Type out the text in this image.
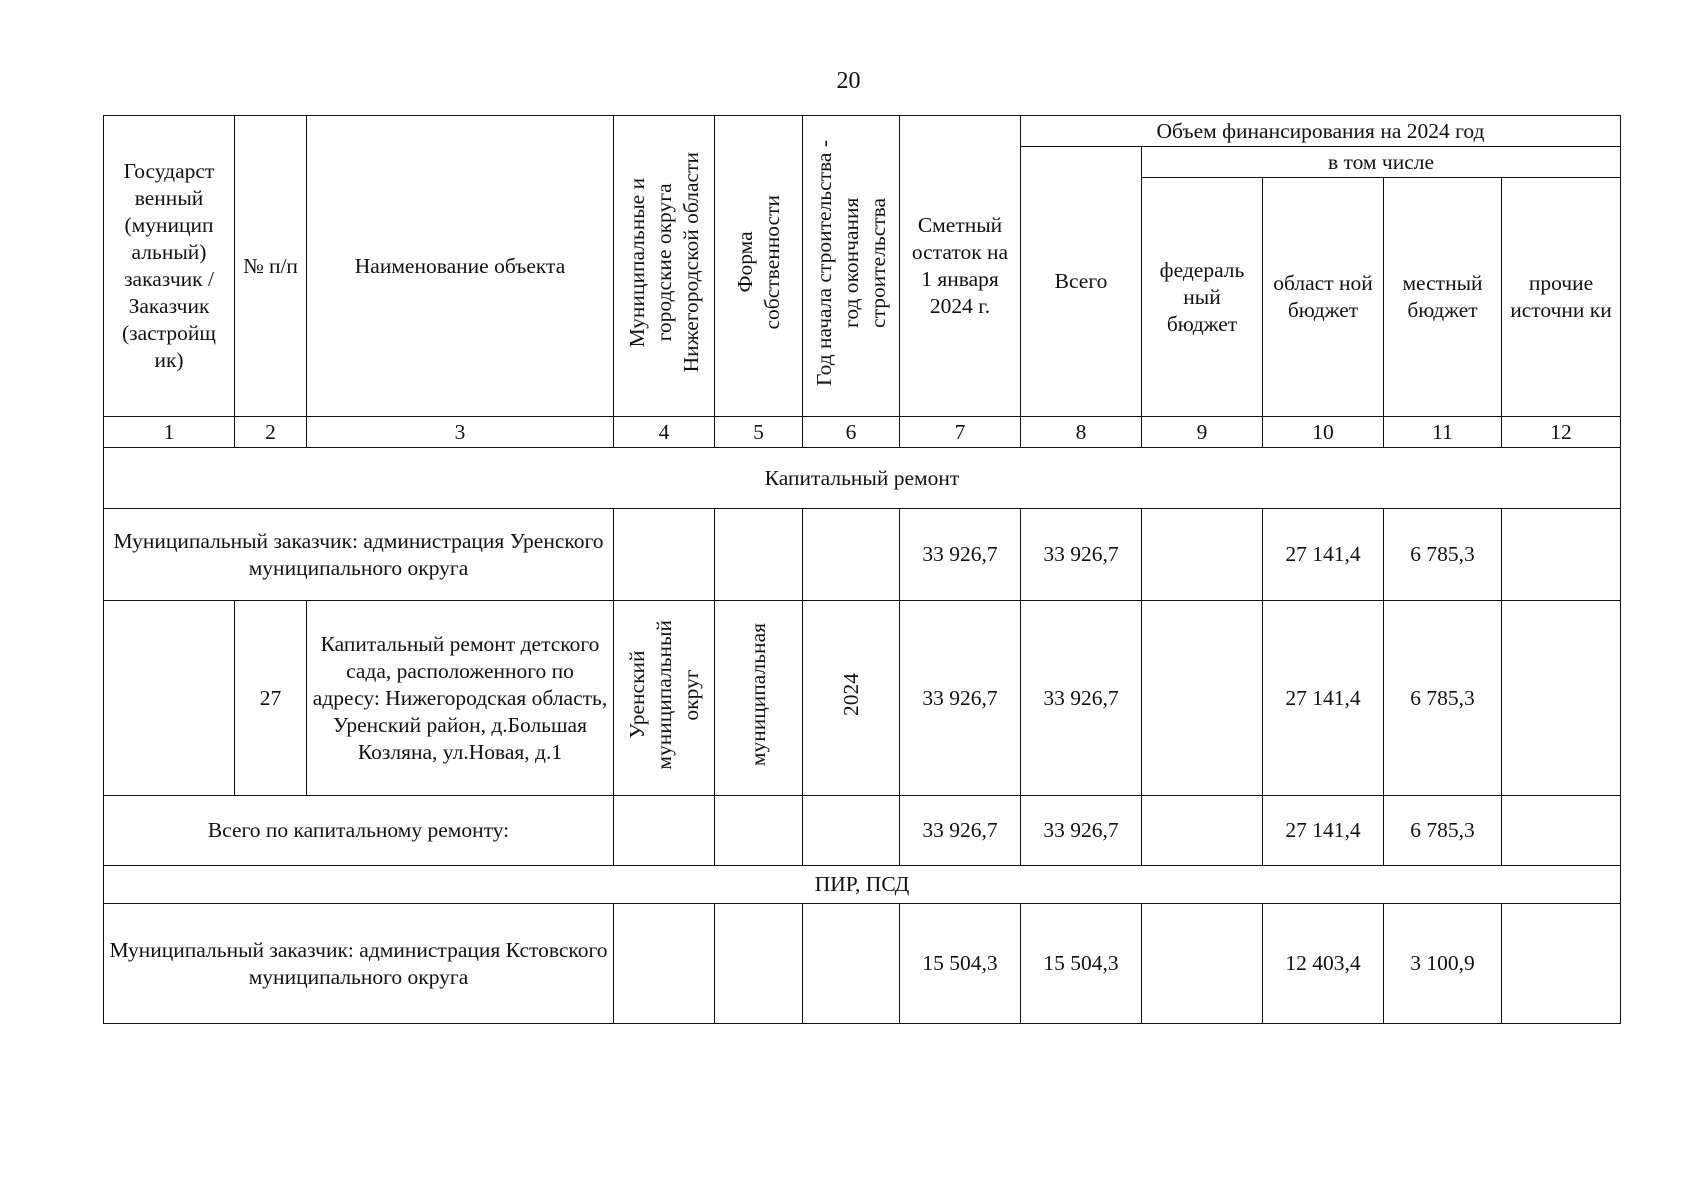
20
Государст венный (муницип альный) заказчик / Заказчик (застройщ ик)	№ п/п	Наименование объекта	Муниципальные и городские округа Нижегородской области	Форма собственности	Год начала строительства - год окончания строительства	Сметный остаток на 1 января 2024 г.	Объем финансирования на 2024 год				
							Всего	в том числе			
								федераль ный бюджет	област ной бюджет	местный бюджет	прочие источни ки
1	2	3	4	5	6	7	8	9	10	11	12
Капитальный ремонт											
Муниципальный заказчик: администрация Уренского муниципального округа						33 926,7	33 926,7		27 141,4	6 785,3	
	27	Капитальный ремонт детского сада, расположенного по адресу: Нижегородская область, Уренский район, д.Большая Козляна, ул.Новая, д.1	Уренский муниципальный округ	муниципальная	2024	33 926,7	33 926,7		27 141,4	6 785,3	
Всего по капитальному ремонту:						33 926,7	33 926,7		27 141,4	6 785,3	
ПИР, ПСД											
Муниципальный заказчик: администрация Кстовского муниципального округа						15 504,3	15 504,3		12 403,4	3 100,9	
